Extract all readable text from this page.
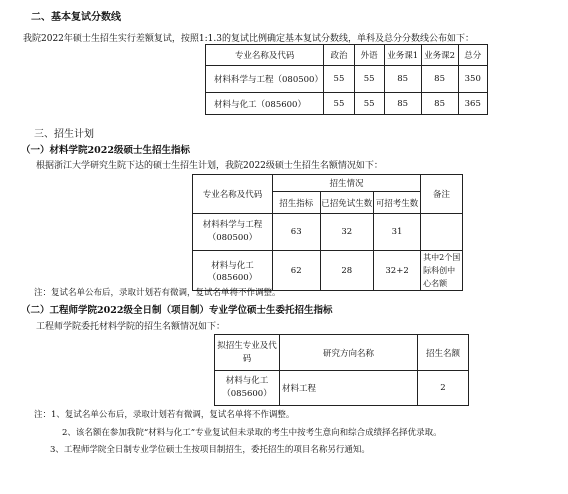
二、基本复试分数线
我院2022年硕士生招生实行差额复试，按照1:1.3的复试比例确定基本复试分数线，单科及总分分数线公布如下：
专业名称及代码	政治	外语	业务课1	业务课2	总分
材料科学与工程（080500）	55	55	85	85	350
材料与化工（085600）	55	55	85	85	365
三、招生计划
（一）材料学院2022级硕士生招生指标
根据浙江大学研究生院下达的硕士生招生计划，我院2022级硕士生招生名额情况如下：
专业名称及代码	招生情况			备注
	招生指标	已招免试生数	可招考生数	
材料科学与工程（080500）	63	32	31	
材料与化工（085600）	62	28	32+2	其中2个国际科创中心名额
注：复试名单公布后，录取计划若有微调，复试名单将不作调整。
（二）工程师学院2022级全日制（项目制）专业学位硕士生委托招生指标
工程师学院委托材料学院的招生名额情况如下：
拟招生专业及代码	研究方向名称	招生名额
材料与化工（085600）	材料工程	2
注：1、复试名单公布后，录取计划若有微调，复试名单将不作调整。
2、该名额在参加我院“材料与化工”专业复试但未录取的考生中按考生意向和综合成绩择名择优录取。
3、工程师学院全日制专业学位硕士生按项目制招生，委托招生的项目名称另行通知。
